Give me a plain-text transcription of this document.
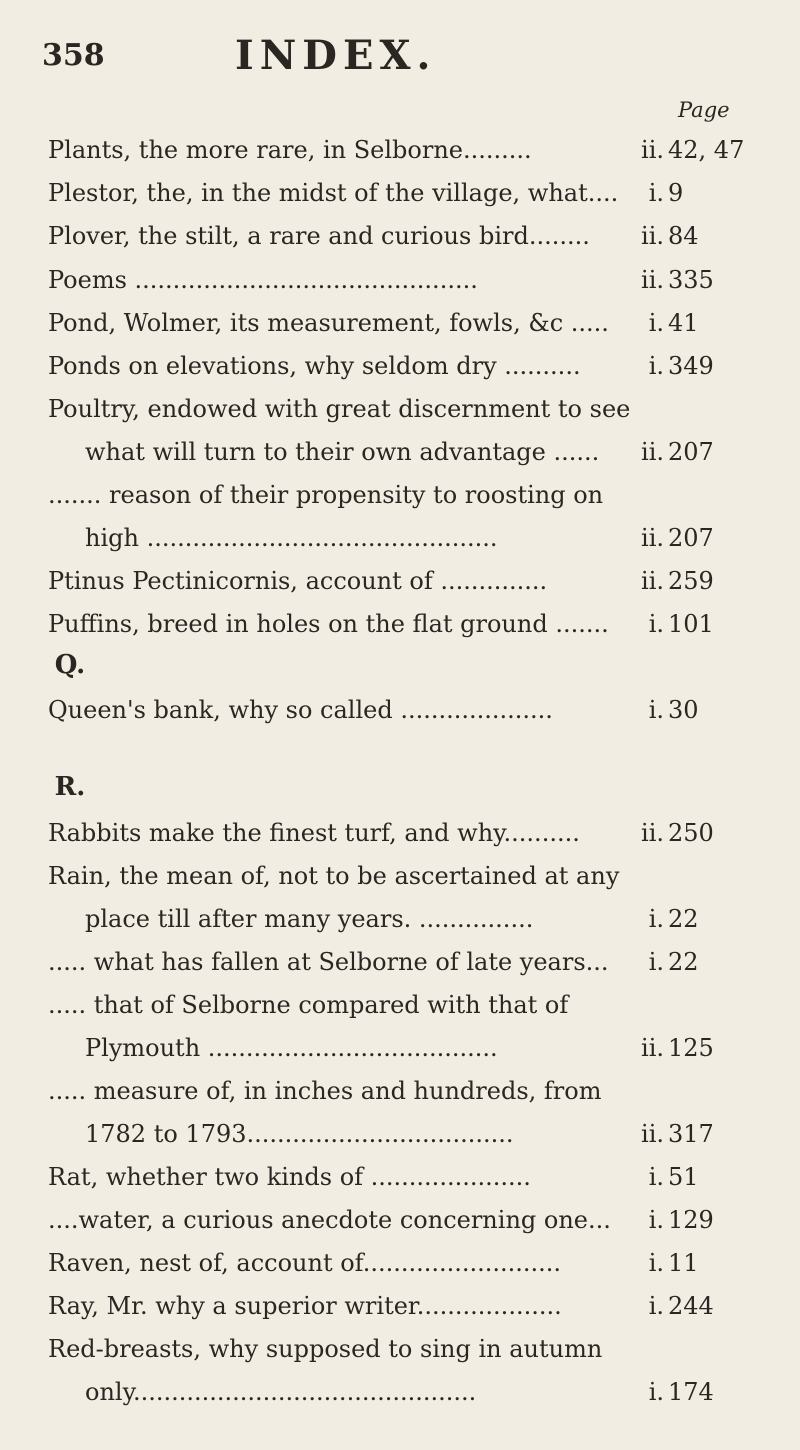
358	INDEX.
Page
Plants, the more rare, in Selborne.........	ii. 42, 47
Plestor, the, in the midst of the village, what....	i. 9
Plover, the stilt, a rare and curious bird........	ii. 84
Poems .............................................	ii. 335
Pond, Wolmer, its measurement, fowls, &c .....	i. 41
Ponds on elevations, why seldom dry ..........	i. 349
Poultry, endowed with great discernment to see
what will turn to their own advantage ......	ii. 207
....... reason of their propensity to roosting on
high ..............................................	ii. 207
Ptinus Pectinicornis, account of ..............	ii. 259
Puffins, breed in holes on the flat ground .......	i. 101
Q.
Queen's bank, why so called ....................	i. 30
R.
Rabbits make the finest turf, and why..........	ii. 250
Rain, the mean of, not to be ascertained at any
place till after many years. ...............	i. 22
..... what has fallen at Selborne of late years...	i. 22
..... that of Selborne compared with that of
Plymouth ......................................	ii. 125
..... measure of, in inches and hundreds, from
1782 to 1793...................................	ii. 317
Rat, whether two kinds of .....................	i. 51
....water, a curious anecdote concerning one...	i. 129
Raven, nest of, account of..........................	i. 11
Ray, Mr. why a superior writer...................	i. 244
Red-breasts, why supposed to sing in autumn
only.............................................	i. 174
